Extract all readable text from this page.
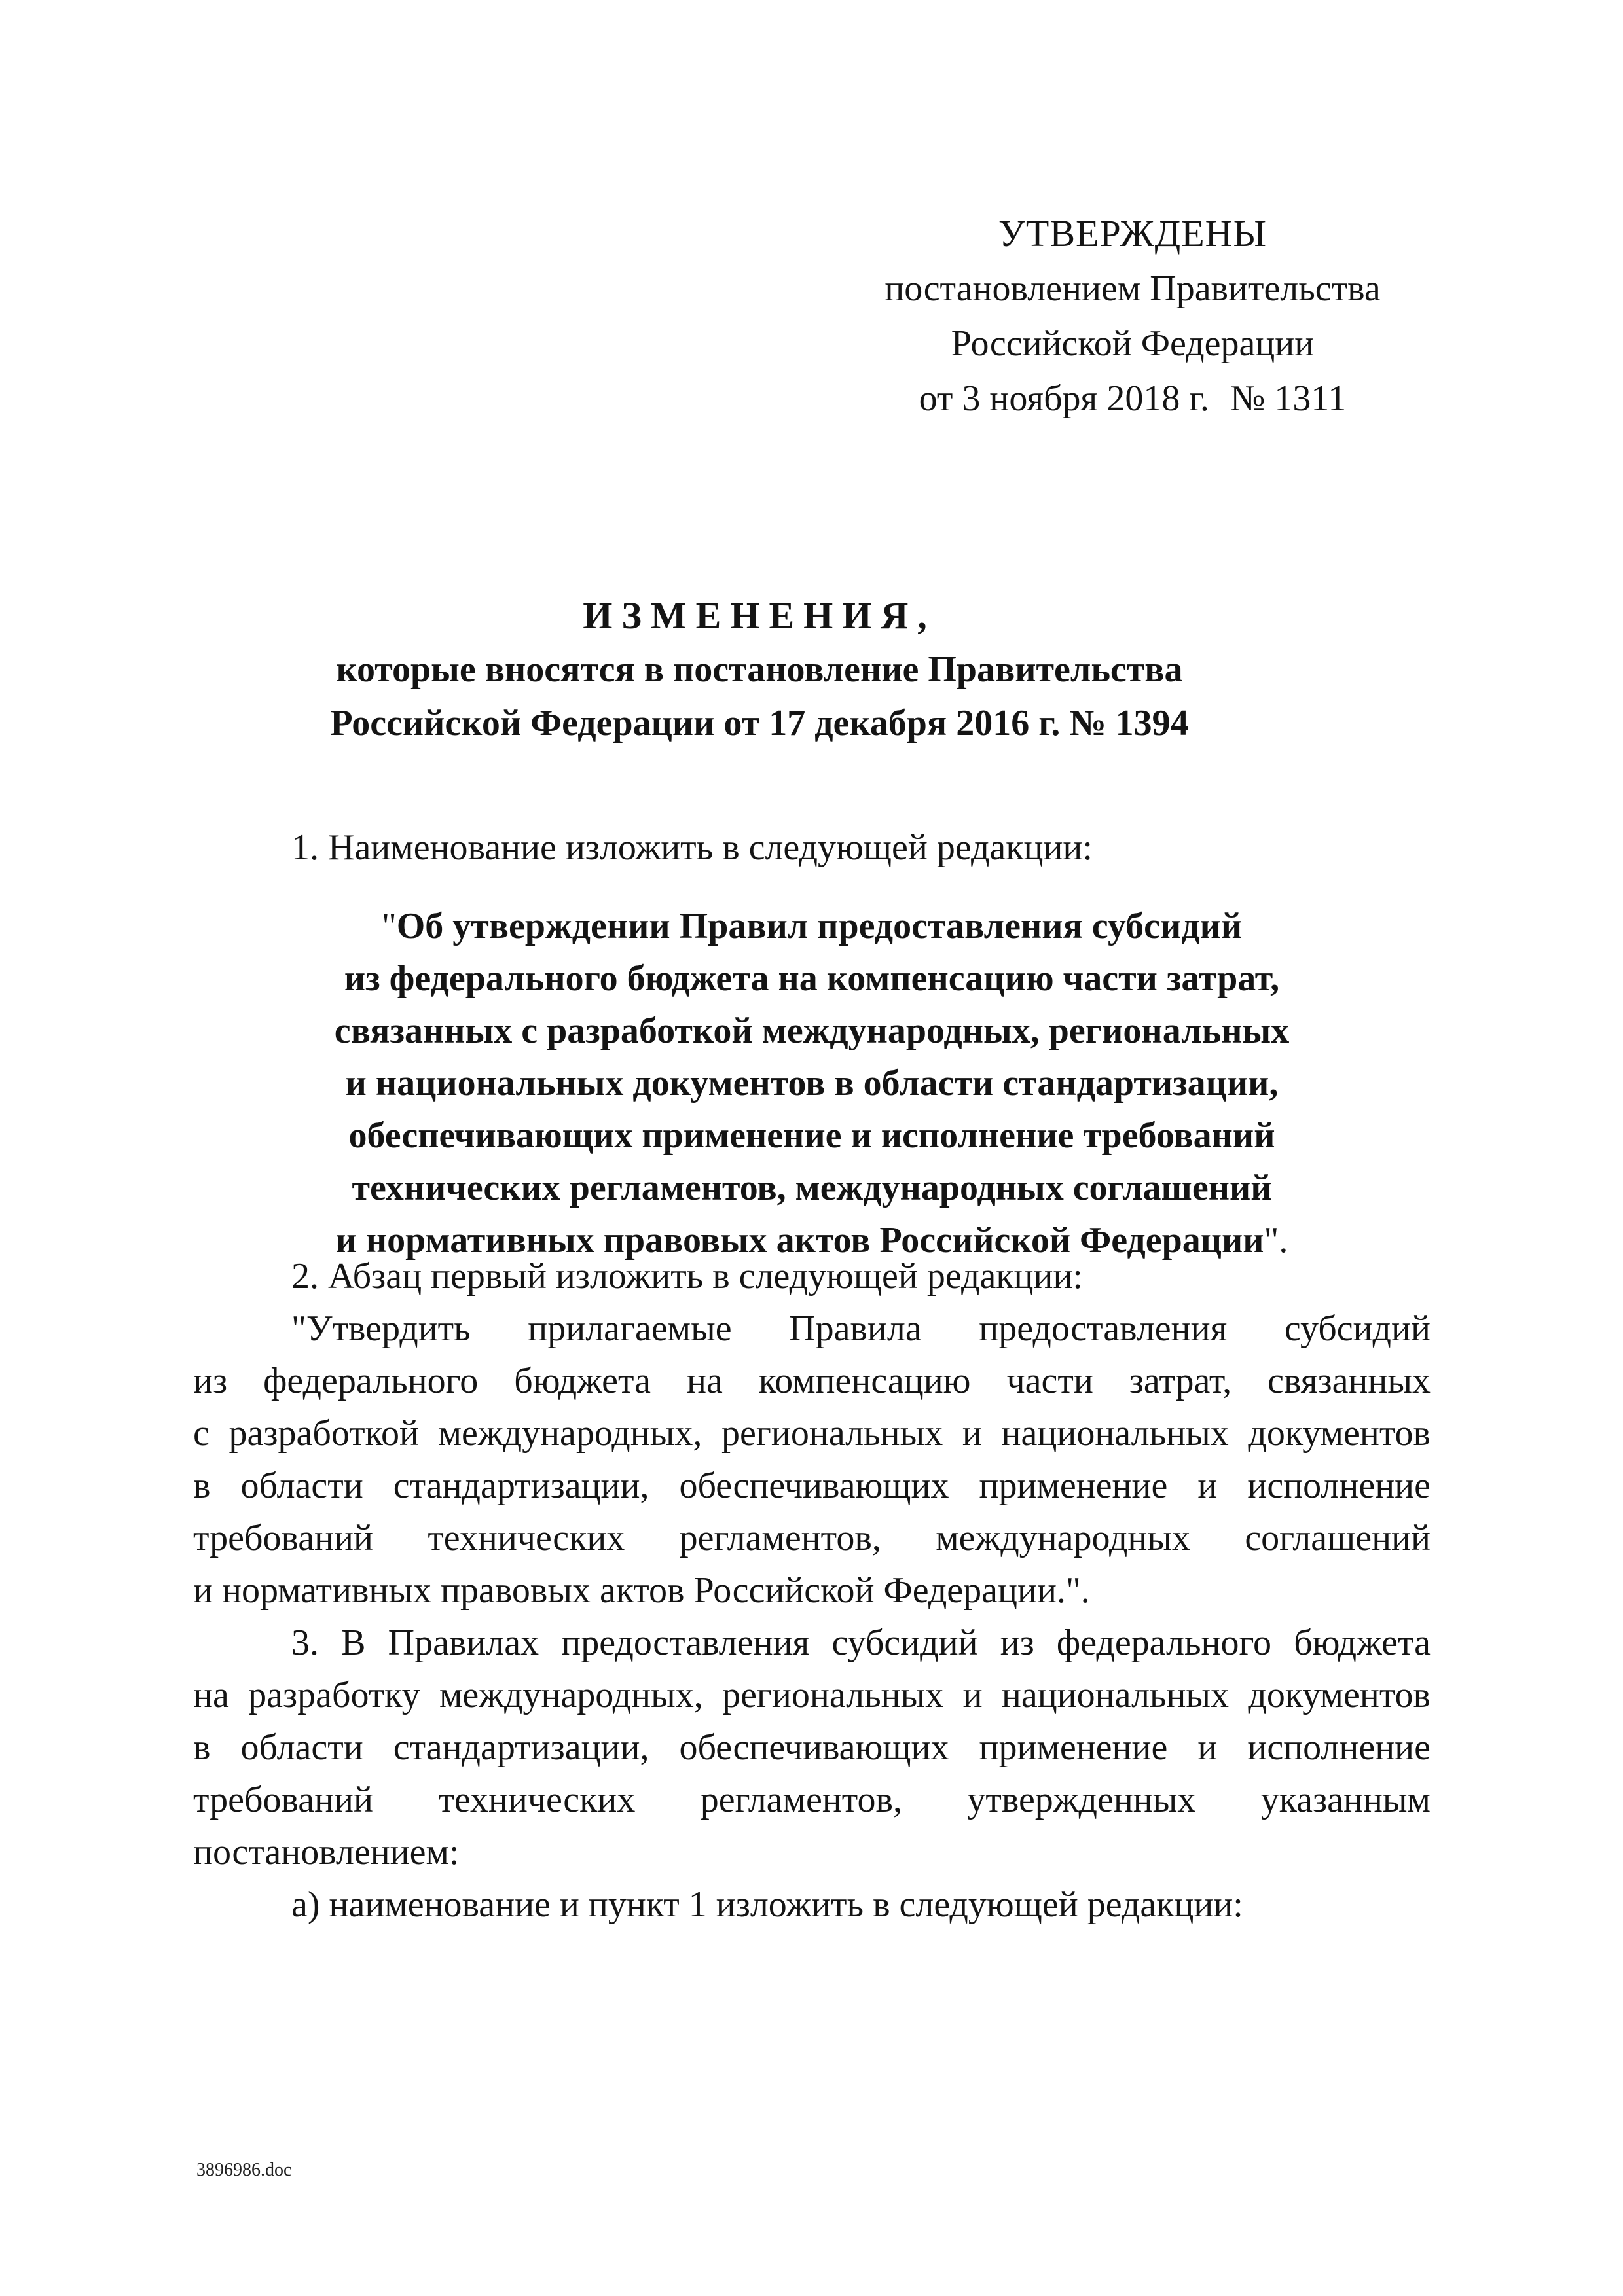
УТВЕРЖДЕНЫ
постановлением Правительства
Российской Федерации
от 3 ноября 2018 г. № 1311
ИЗМЕНЕНИЯ,
которые вносятся в постановление Правительства
Российской Федерации от 17 декабря 2016 г. № 1394
1. Наименование изложить в следующей редакции:
"Об утверждении Правил предоставления субсидий
из федерального бюджета на компенсацию части затрат,
связанных с разработкой международных, региональных
и национальных документов в области стандартизации,
обеспечивающих применение и исполнение требований
технических регламентов, международных соглашений
и нормативных правовых актов Российской Федерации".
2. Абзац первый изложить в следующей редакции:
"Утвердить прилагаемые Правила предоставления субсидий
из федерального бюджета на компенсацию части затрат, связанных
с разработкой международных, региональных и национальных документов
в области стандартизации, обеспечивающих применение и исполнение
требований технических регламентов, международных соглашений
и нормативных правовых актов Российской Федерации.".
3. В Правилах предоставления субсидий из федерального бюджета
на разработку международных, региональных и национальных документов
в области стандартизации, обеспечивающих применение и исполнение
требований технических регламентов, утвержденных указанным
постановлением:
а) наименование и пункт 1 изложить в следующей редакции:
3896986.doc
